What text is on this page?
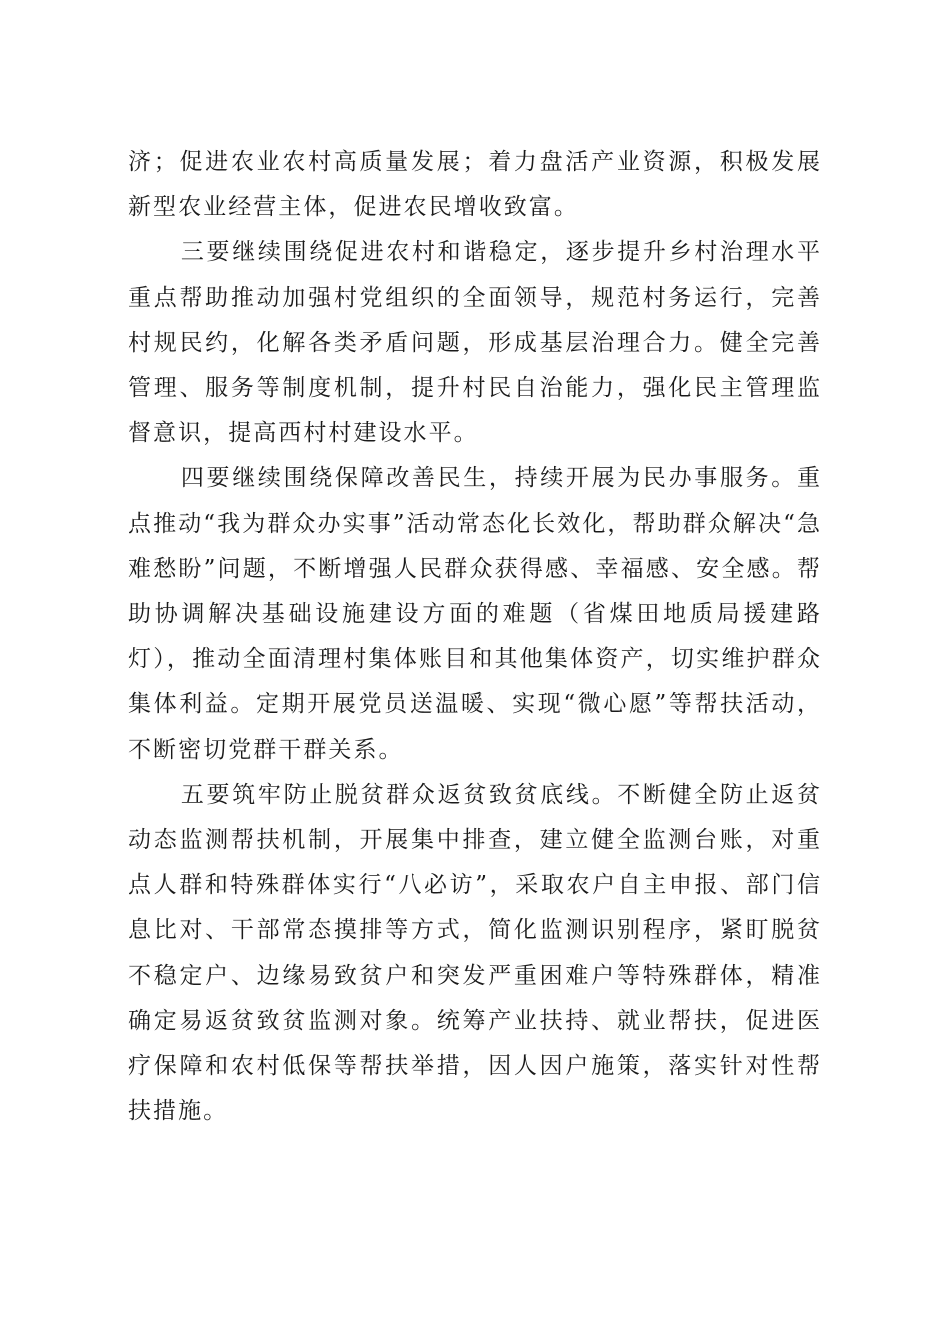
济；促进农业农村高质量发展；着力盘活产业资源，积极发展新型农业经营主体，促进农民增收致富。

三要继续围绕促进农村和谐稳定，逐步提升乡村治理水平重点帮助推动加强村党组织的全面领导，规范村务运行，完善村规民约，化解各类矛盾问题，形成基层治理合力。健全完善管理、服务等制度机制，提升村民自治能力，强化民主管理监督意识，提高西村村建设水平。

四要继续围绕保障改善民生，持续开展为民办事服务。重点推动“我为群众办实事”活动常态化长效化，帮助群众解决“急难愁盼”问题，不断增强人民群众获得感、幸福感、安全感。帮助协调解决基础设施建设方面的难题（省煤田地质局援建路灯），推动全面清理村集体账目和其他集体资产，切实维护群众集体利益。定期开展党员送温暖、实现“微心愿”等帮扶活动，不断密切党群干群关系。

五要筑牢防止脱贫群众返贫致贫底线。不断健全防止返贫动态监测帮扶机制，开展集中排查，建立健全监测台账，对重点人群和特殊群体实行“八必访”，采取农户自主申报、部门信息比对、干部常态摸排等方式，简化监测识别程序，紧盯脱贫不稳定户、边缘易致贫户和突发严重困难户等特殊群体，精准确定易返贫致贫监测对象。统筹产业扶持、就业帮扶，促进医疗保障和农村低保等帮扶举措，因人因户施策，落实针对性帮扶措施。
